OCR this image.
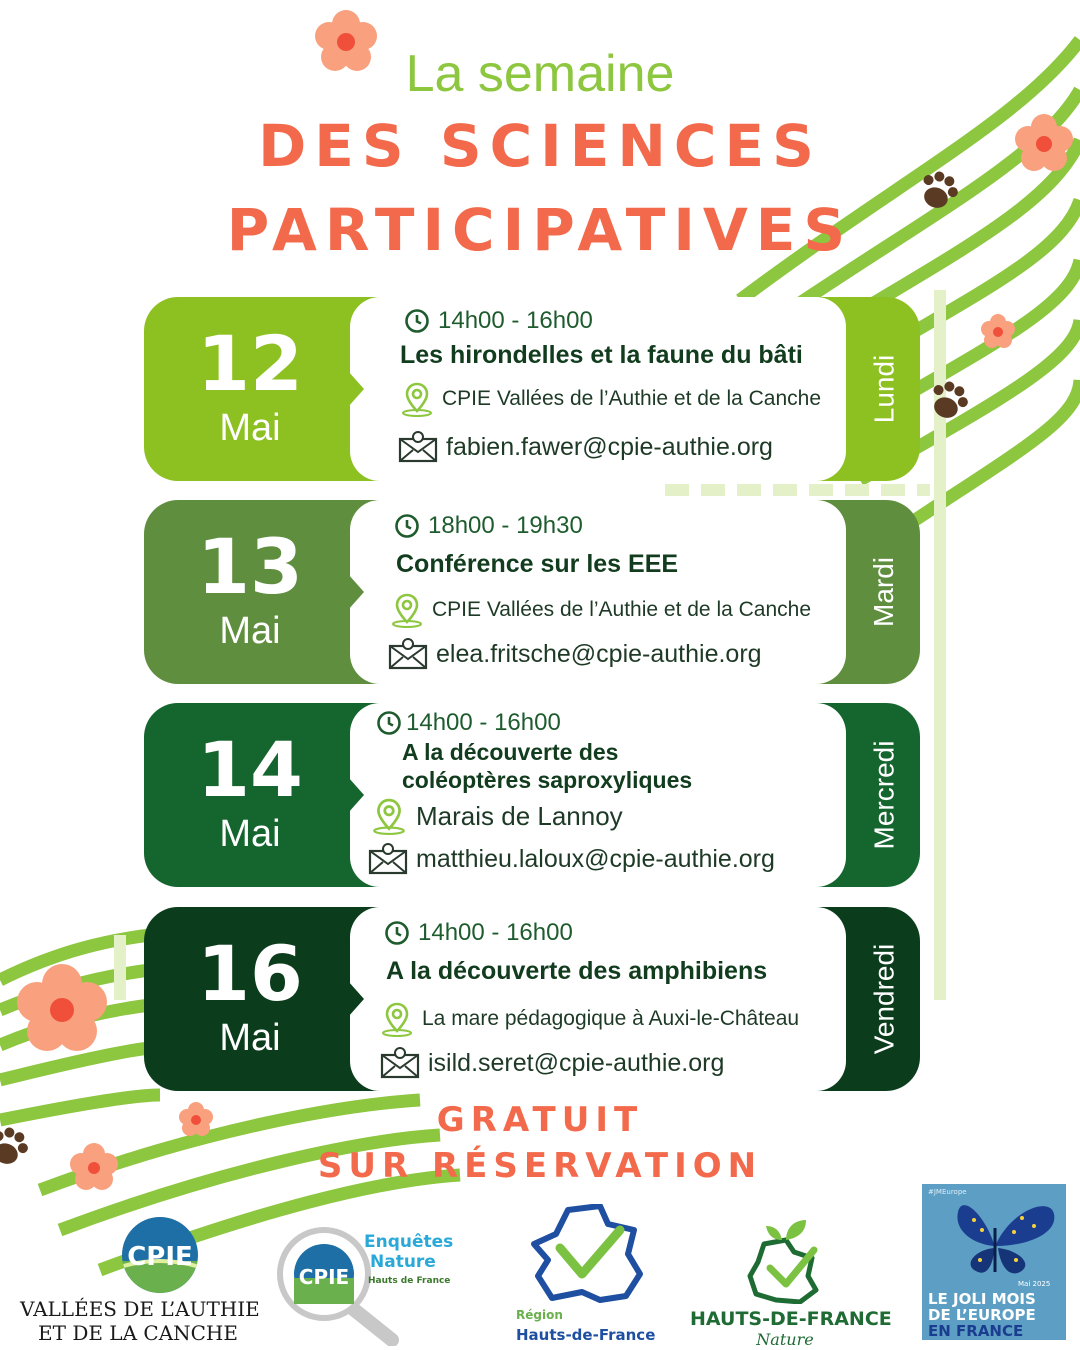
La semaine
DES SCIENCES
PARTICIPATIVES
12
Mai
Lundi
14h00 - 16h00
Les hirondelles et la faune du bâti
CPIE Vallées de l’Authie et de la Canche
fabien.fawer@cpie-authie.org
13
Mai
Mardi
18h00 - 19h30
Conférence sur les EEE
CPIE Vallées de l’Authie et de la Canche
elea.fritsche@cpie-authie.org
14
Mai	Mercredi
14h00 - 16h00
A la découverte des
coléoptères saproxyliques
Marais de Lannoy
matthieu.laloux@cpie-authie.org
16
Mai	Vendredi
14h00 - 16h00
A la découverte des amphibiens
La mare pédagogique à Auxi-le-Château
isild.seret@cpie-authie.org
GRATUIT
SUR RÉSERVATION
CPIE
VALLÉES DE L’AUTHIE
ET DE LA CANCHE
CPIE
Enquêtes
Nature
Hauts de France
Région
Hauts-de-France
HAUTS-DE-FRANCE
Nature
#JMEurope
Mai 2025
LE JOLI MOIS
DE L’EUROPE
EN FRANCE
